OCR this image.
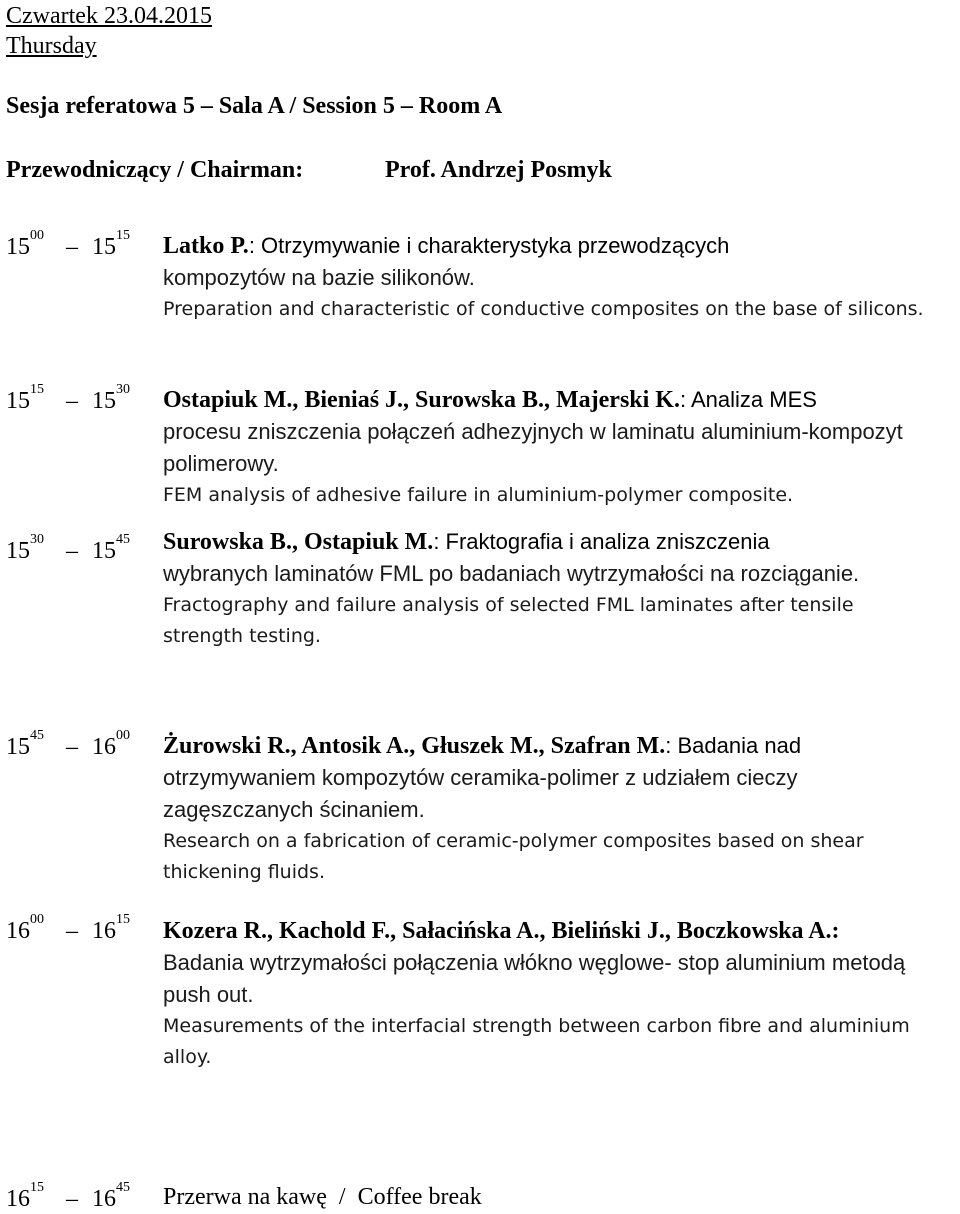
Czwartek 23.04.2015
Thursday
Sesja referatowa 5 – Sala A / Session 5 – Room A
Przewodniczący / Chairman:	Prof. Andrzej Posmyk
$15^{00} - 15^{15}$ Latko P.: Otrzymywanie i charakterystyka przewodzących
kompozytów na bazie silikonów.
Preparation and characteristic of conductive composites on the base of silicons.
$15^{15} - 15^{30}$ Ostapiuk M., Bieniaś J., Surowska B., Majerski K.: Analiza MES
procesu zniszczenia połączeń adhezyjnych w laminatu aluminium-kompozyt polimerowy.
FEM analysis of adhesive failure in aluminium-polymer composite.
$15^{30} - 15^{45}$ Surowska B., Ostapiuk M.: Fraktografia i analiza zniszczenia
wybranych laminatów FML po badaniach wytrzymałości na rozciąganie.
Fractography and failure analysis of selected FML laminates after tensile
strength testing.
$15^{45} - 16^{00}$ Żurowski R., Antosik A., Głuszek M., Szafran M.: Badania nad
otrzymywaniem kompozytów ceramika-polimer z udziałem cieczy zagęszczanych ścinaniem.
Research on a fabrication of ceramic-polymer composites based on shear thickening fluids.
$16^{00} - 16^{15}$ Kozera R., Kachold F., Sałacińska A., Bieliński J., Boczkowska A.:
Badania wytrzymałości połączenia włókno węglowe- stop aluminium metodą push out.
Measurements of the interfacial strength between carbon fibre and aluminium alloy.
$16^{15} - 16^{45}$ Przerwa na kawę / Coffee break
